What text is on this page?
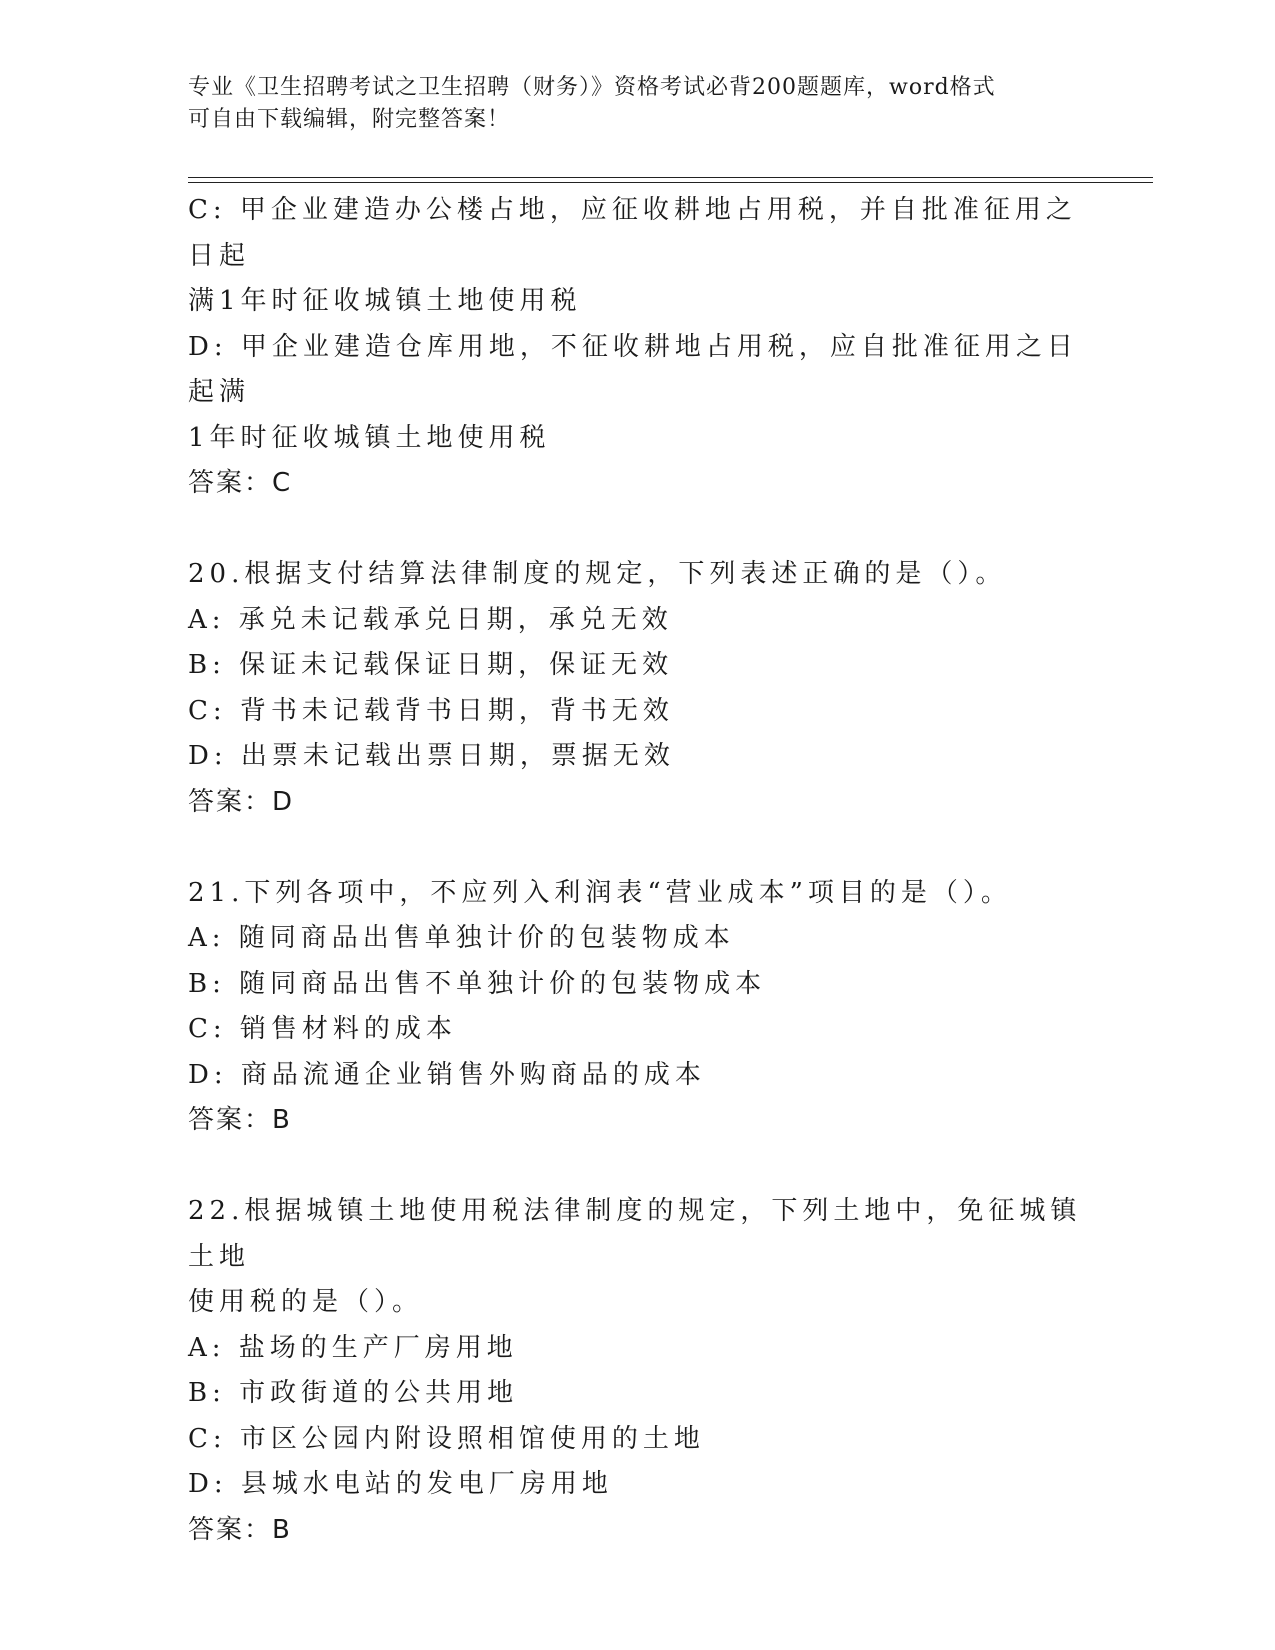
专业《卫生招聘考试之卫生招聘（财务）》资格考试必背200题题库，word格式
可自由下载编辑，附完整答案！
C: 甲企业建造办公楼占地，应征收耕地占用税，并自批准征用之日起
满1年时征收城镇土地使用税
D: 甲企业建造仓库用地，不征收耕地占用税，应自批准征用之日起满
1年时征收城镇土地使用税
答案：C
20.根据支付结算法律制度的规定，下列表述正确的是（）。
A: 承兑未记载承兑日期，承兑无效
B: 保证未记载保证日期，保证无效
C: 背书未记载背书日期，背书无效
D: 出票未记载出票日期，票据无效
答案：D
21.下列各项中，不应列入利润表“营业成本”项目的是（）。
A: 随同商品出售单独计价的包装物成本
B: 随同商品出售不单独计价的包装物成本
C: 销售材料的成本
D: 商品流通企业销售外购商品的成本
答案：B
22.根据城镇土地使用税法律制度的规定，下列土地中，免征城镇土地
使用税的是（）。
A: 盐场的生产厂房用地
B: 市政街道的公共用地
C: 市区公园内附设照相馆使用的土地
D: 县城水电站的发电厂房用地
答案：B
